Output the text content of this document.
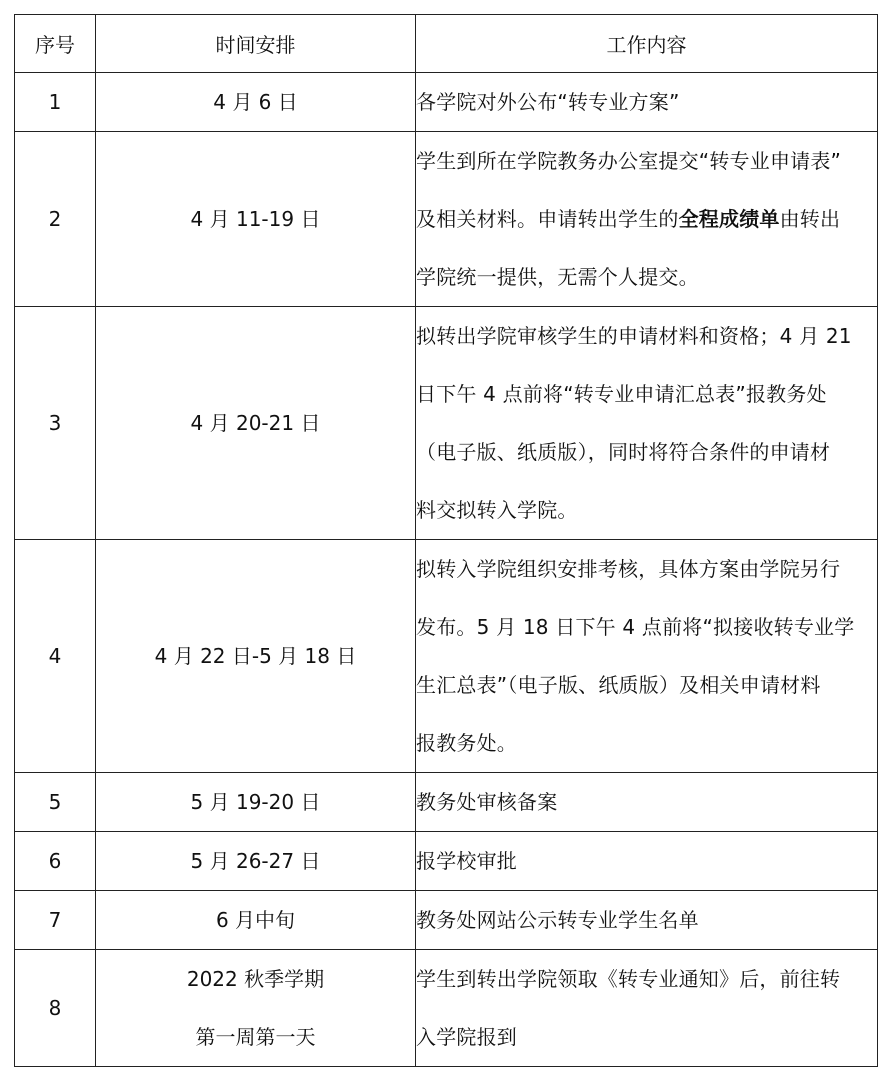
序号	时间安排	工作内容
1	4 月 6 日	各学院对外公布“转专业方案”

2	4 月 11-19 日	学生到所在学院教务办公室提交“转专业申请表”
及相关材料。申请转出学生的全程成绩单由转出
学院统一提供，无需个人提交。

3	4 月 20-21 日	拟转出学院审核学生的申请材料和资格；4 月 21
日下午 4 点前将“转专业申请汇总表”报教务处
（电子版、纸质版），同时将符合条件的申请材
料交拟转入学院。

4	4 月 22 日-5 月 18 日	拟转入学院组织安排考核，具体方案由学院另行
发布。5 月 18 日下午 4 点前将“拟接收转专业学
生汇总表”（电子版、纸质版）及相关申请材料
报教务处。

5	5 月 19-20 日	教务处审核备案

6	5 月 26-27 日	报学校审批

7	6 月中旬	教务处网站公示转专业学生名单

8	2022 秋季学期
第一周第一天	学生到转出学院领取《转专业通知》后，前往转
入学院报到
